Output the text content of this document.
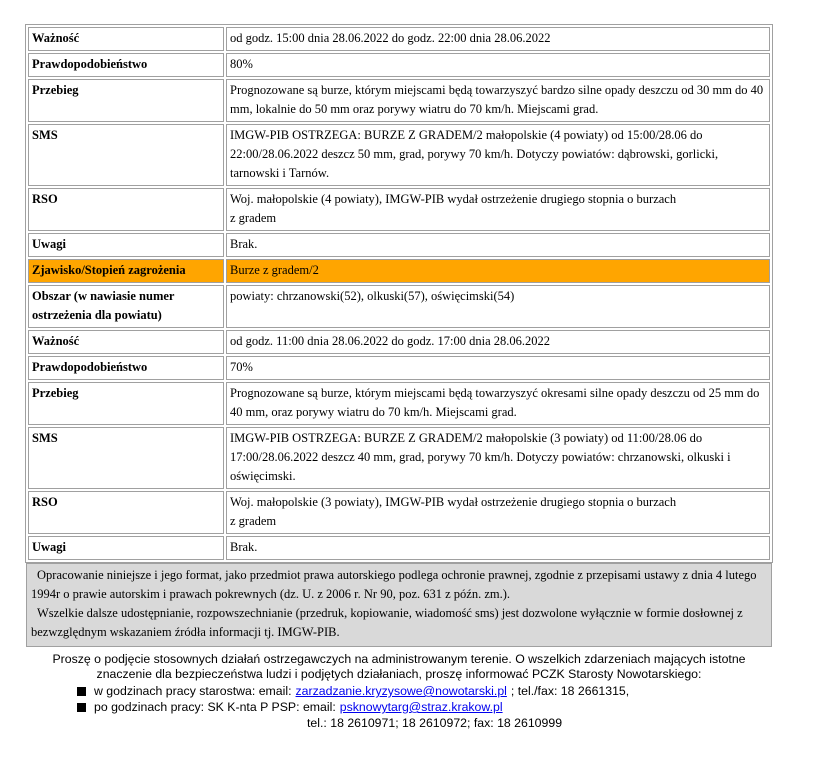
Ważność	od godz. 15:00 dnia 28.06.2022 do godz. 22:00 dnia 28.06.2022
Prawdopodobieństwo	80%
Przebieg	Prognozowane są burze, którym miejscami będą towarzyszyć bardzo silne opady deszczu od 30 mm do 40 mm, lokalnie do 50 mm oraz porywy wiatru do 70 km/h. Miejscami grad.
SMS	IMGW-PIB OSTRZEGA: BURZE Z GRADEM/2 małopolskie (4 powiaty) od 15:00/28.06 do 22:00/28.06.2022 deszcz 50 mm, grad, porywy 70 km/h. Dotyczy powiatów: dąbrowski, gorlicki, tarnowski i Tarnów.
RSO	Woj. małopolskie (4 powiaty), IMGW-PIB wydał ostrzeżenie drugiego stopnia o burzach
z gradem
Uwagi	Brak.
Zjawisko/Stopień zagrożenia	Burze z gradem/2
Obszar (w nawiasie numer ostrzeżenia dla powiatu)	powiaty: chrzanowski(52), olkuski(57), oświęcimski(54)
Ważność	od godz. 11:00 dnia 28.06.2022 do godz. 17:00 dnia 28.06.2022
Prawdopodobieństwo	70%
Przebieg	Prognozowane są burze, którym miejscami będą towarzyszyć okresami silne opady deszczu od 25 mm do 40 mm, oraz porywy wiatru do 70 km/h. Miejscami grad.
SMS	IMGW-PIB OSTRZEGA: BURZE Z GRADEM/2 małopolskie (3 powiaty) od 11:00/28.06 do 17:00/28.06.2022 deszcz 40 mm, grad, porywy 70 km/h. Dotyczy powiatów: chrzanowski, olkuski i oświęcimski.
RSO	Woj. małopolskie (3 powiaty), IMGW-PIB wydał ostrzeżenie drugiego stopnia o burzach
z gradem
Uwagi	Brak.

Opracowanie niniejsze i jego format, jako przedmiot prawa autorskiego podlega ochronie prawnej, zgodnie z przepisami ustawy z dnia 4 lutego 1994r o prawie autorskim i prawach pokrewnych (dz. U. z 2006 r. Nr 90, poz. 631 z późn. zm.).

Wszelkie dalsze udostępnianie, rozpowszechnianie (przedruk, kopiowanie, wiadomość sms) jest dozwolone wyłącznie w formie dosłownej z bezwzględnym wskazaniem źródła informacji tj. IMGW-PIB.

Proszę o podjęcie stosownych działań ostrzegawczych na administrowanym terenie. O wszelkich zdarzeniach mających istotne znaczenie dla bezpieczeństwa ludzi i podjętych działaniach, proszę informować PCZK Starosty Nowotarskiego:

w godzinach pracy starostwa: email: zarzadzanie.kryzysowe@nowotarski.pl ; tel./fax: 18 2661315,
po godzinach pracy: SK K-nta P PSP: email: psknowytarg@straz.krakow.pl
tel.: 18 2610971; 18 2610972; fax: 18 2610999
